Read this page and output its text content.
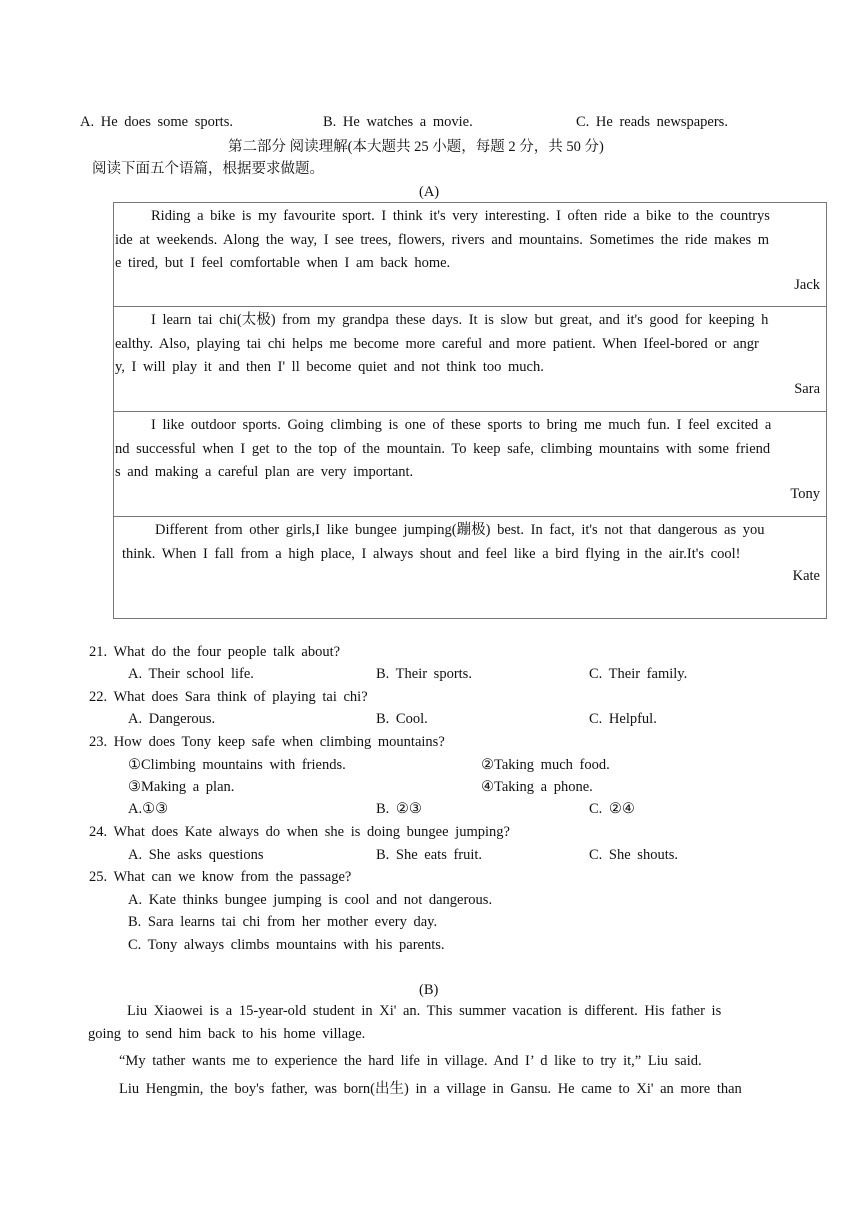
A. He does some sports.	B. He watches a movie.	C. He reads newspapers.
第二部分 阅读理解(本大题共 25 小题，每题 2 分，共 50 分)
阅读下面五个语篇，根据要求做题。
(A)
Riding a bike is my favourite sport. I think it's very interesting. I often ride a bike to the countrys
ide at weekends. Along the way, I see trees, flowers, rivers and mountains. Sometimes the ride makes m
e tired, but I feel comfortable when I am back home.
Jack
I learn tai chi(太极) from my grandpa these days. It is slow but great, and it's good for keeping h
ealthy. Also, playing tai chi helps me become more careful and more patient. When Ifeel-bored or angr
y, I will play it and then I' ll become quiet and not think too much.
Sara
I like outdoor sports. Going climbing is one of these sports to bring me much fun. I feel excited a
nd successful when I get to the top of the mountain. To keep safe, climbing mountains with some friend
s and making a careful plan are very important.
Tony
Different from other girls,I like bungee jumping(蹦极) best. In fact, it's not that dangerous as you
think. When I fall from a high place, I always shout and feel like a bird flying in the air.It's cool!
Kate
21. What do the four people talk about?
A. Their school life.	B. Their sports.	C. Their family.
22. What does Sara think of playing tai chi?
A. Dangerous.	B. Cool.	C. Helpful.
23. How does Tony keep safe when climbing mountains?
①Climbing mountains with friends.	②Taking much food.
③Making a plan.	④Taking a phone.
A.①③	B. ②③	C. ②④
24. What does Kate always do when she is doing bungee jumping?
A. She asks questions	B. She eats fruit.	C. She shouts.
25. What can we know from the passage?
A. Kate thinks bungee jumping is cool and not dangerous.
B. Sara learns tai chi from her mother every day.
C. Tony always climbs mountains with his parents.
(B)
Liu Xiaowei is a 15-year-old student in Xi' an. This summer vacation is different. His father is
going to send him back to his home village.
“My tather wants me to experience the hard life in village. And I’ d like to try it,” Liu said.
Liu Hengmin, the boy's father, was born(出生) in a village in Gansu. He came to Xi' an more than
